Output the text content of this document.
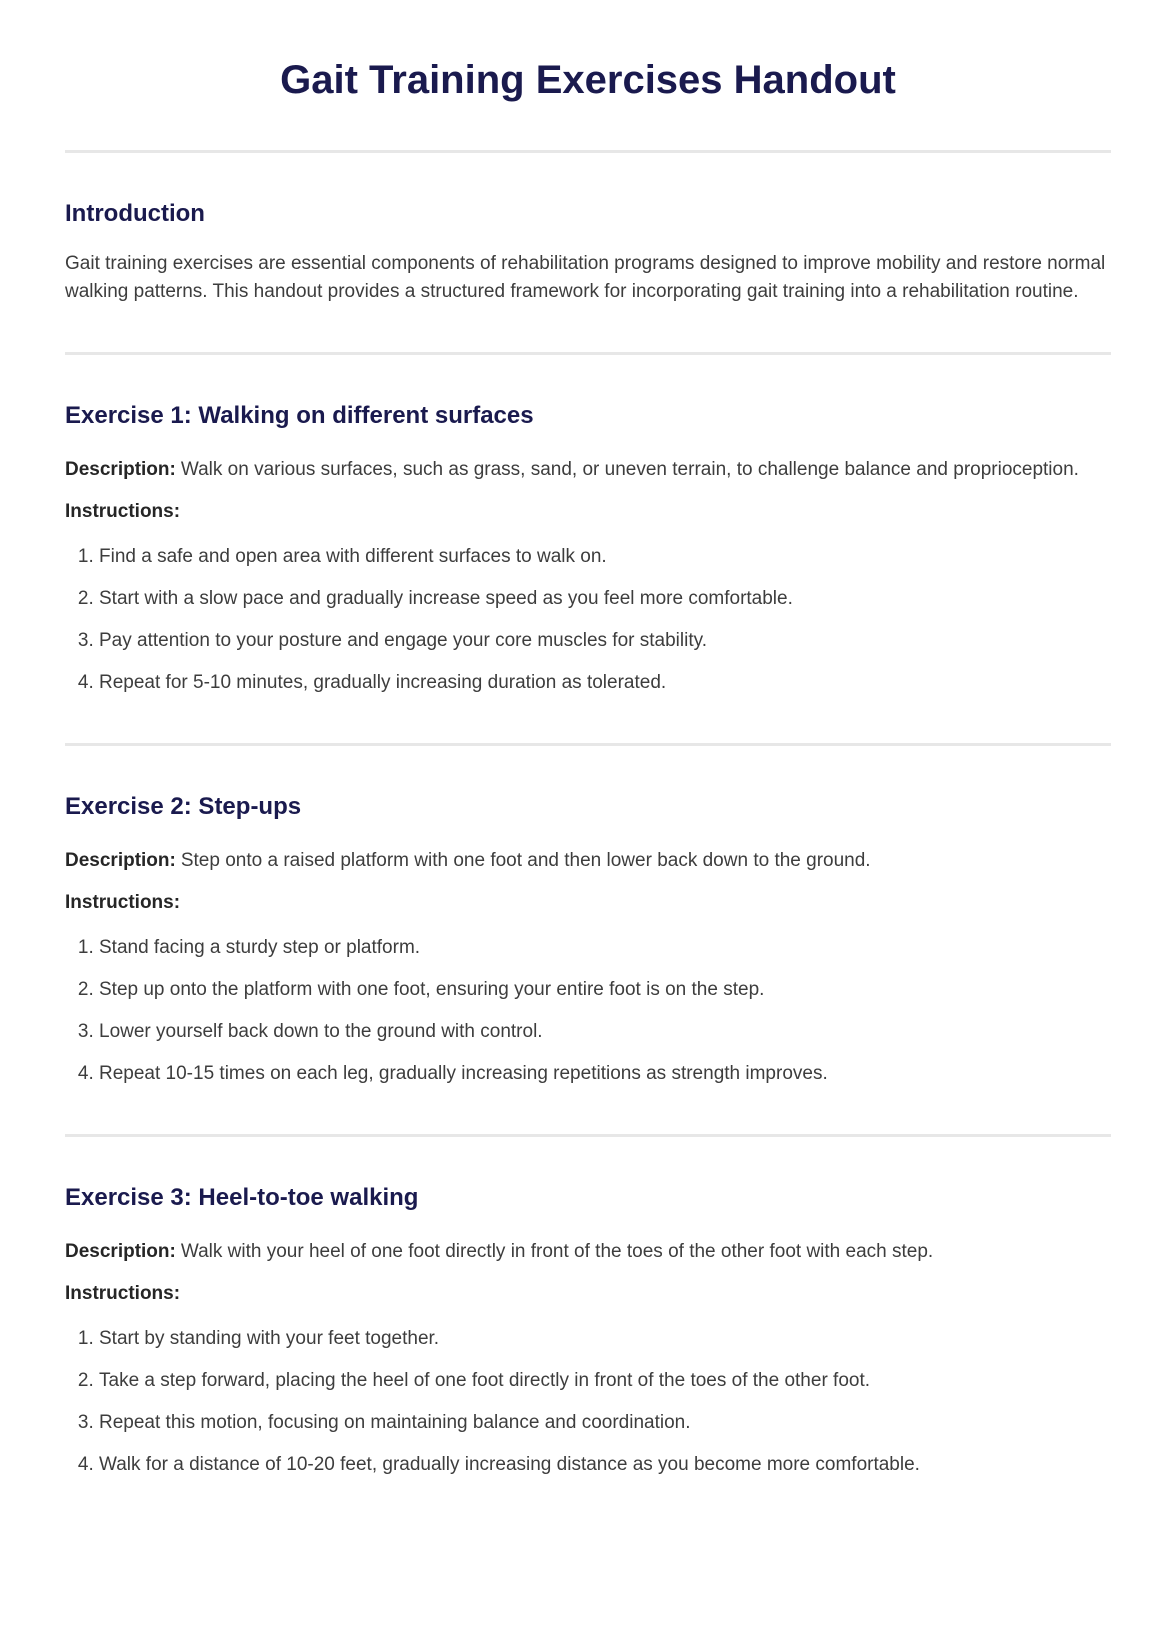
Gait Training Exercises Handout
Introduction

Gait training exercises are essential components of rehabilitation programs designed to improve mobility and restore normal walking patterns. This handout provides a structured framework for incorporating gait training into a rehabilitation routine.

Exercise 1: Walking on different surfaces

Description: Walk on various surfaces, such as grass, sand, or uneven terrain, to challenge balance and proprioception.

Instructions:

1. Find a safe and open area with different surfaces to walk on.
2. Start with a slow pace and gradually increase speed as you feel more comfortable.
3. Pay attention to your posture and engage your core muscles for stability.
4. Repeat for 5-10 minutes, gradually increasing duration as tolerated.
Exercise 2: Step-ups

Description: Step onto a raised platform with one foot and then lower back down to the ground.

Instructions:

1. Stand facing a sturdy step or platform.
2. Step up onto the platform with one foot, ensuring your entire foot is on the step.
3. Lower yourself back down to the ground with control.
4. Repeat 10-15 times on each leg, gradually increasing repetitions as strength improves.
Exercise 3: Heel-to-toe walking

Description: Walk with your heel of one foot directly in front of the toes of the other foot with each step.

Instructions:

1. Start by standing with your feet together.
2. Take a step forward, placing the heel of one foot directly in front of the toes of the other foot.
3. Repeat this motion, focusing on maintaining balance and coordination.
4. Walk for a distance of 10-20 feet, gradually increasing distance as you become more comfortable.
